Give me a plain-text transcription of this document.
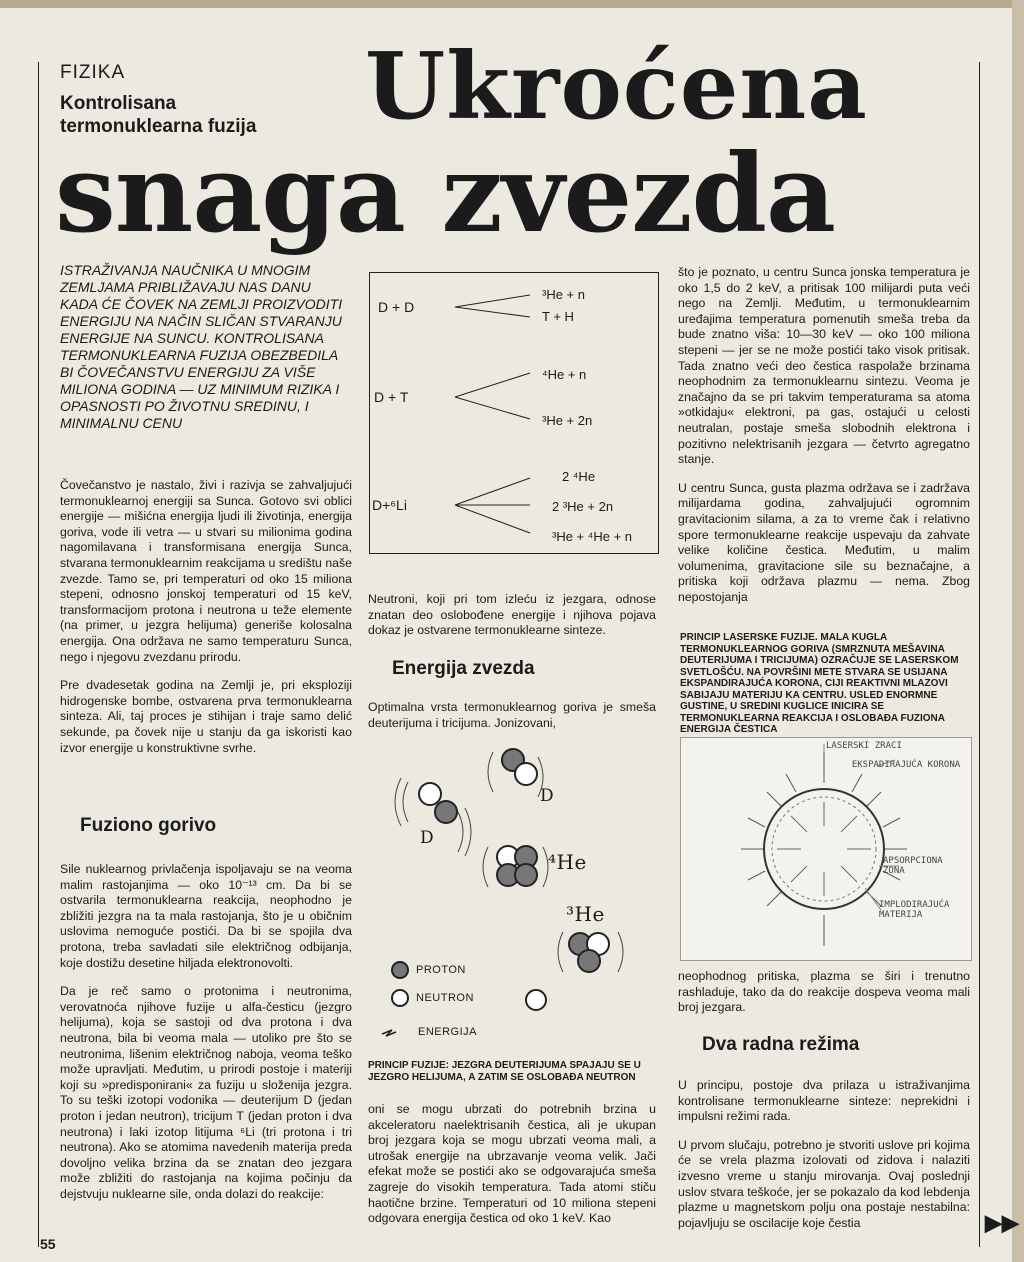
FIZIKA
Kontrolisana
termonuklearna fuzija Ukroćena
snaga zvezda
ISTRAŽIVANJA NAUČNIKA U MNOGIM ZEMLJAMA PRIBLIŽAVAJU NAS DANU KADA ĆE ČOVEK NA ZEMLJI PROIZVODITI ENERGIJU NA NAČIN SLIČAN STVARANJU ENERGIJE NA SUNCU. KONTROLISANA TERMONUKLEARNA FUZIJA OBEZBEDILA BI ČOVEČANSTVU ENERGIJU ZA VIŠE MILIONA GODINA — UZ MINIMUM RIZIKA I OPASNOSTI PO ŽIVOTNU SREDINU, I MINIMALNU CENU

Čovečanstvo je nastalo, živi i razivja se zahvaljujući termonuklearnoj energiji sa Sunca. Gotovo svi oblici energije — mišićna energija ljudi ili životinja, energija goriva, vode ili vetra — u stvari su milionima godina nagomilavana i transformisana energija Sunca, stvarana termonuklearnim reakcijama u središtu naše zvezde. Tamo se, pri temperaturi od oko 15 miliona stepeni, odnosno jonskoj temperaturi od 15 keV, transformacijom protona i neutrona u teže elemente (na primer, u jezgra helijuma) generiše kolosalna energija. Ona održava ne samo temperaturu Sunca, nego i njegovu zvezdanu prirodu.

Pre dvadesetak godina na Zemlji je, pri eksploziji hidrogenske bombe, ostvarena prva termonuklearna sinteza. Ali, taj proces je stihijan i traje samo delić sekunde, pa čovek nije u stanju da ga iskoristi kao izvor energije u konstruktivne svrhe.

Fuziono gorivo

Sile nuklearnog privlačenja ispoljavaju se na veoma malim rastojanjima — oko 10⁻¹³ cm. Da bi se ostvarila termonuklearna reakcija, neophodno je zbližiti jezgra na ta mala rastojanja, što je u običnim uslovima nemoguće postići. Da bi se spojila dva protona, treba savladati sile električnog odbijanja, koje dostižu desetine hiljada elektronovolti.

Da je reč samo o protonima i neutronima, verovatnoća njihove fuzije u alfa-česticu (jezgro helijuma), koja se sastoji od dva protona i dva neutrona, bila bi veoma mala — utoliko pre što se neutronima, lišenim električnog naboja, veoma teško može upravljati. Međutim, u prirodi postoje i materiji koji su »predisponirani« za fuziju u složenija jezgra. To su teški izotopi vodonika — deuterijum D (jedan proton i jedan neutron), tricijum T (jedan proton i dva neutrona) i laki izotop litijuma ⁶Li (tri protona i tri neutrona). Ako se atomima navedenih materija preda dovoljno velika brzina da se znatan deo jezgara može zbližiti do rastojanja na kojima počinju da dejstvuju nuklearne sile, onda dolazi do reakcije:

D + D
³He + n
T + H
D + T
⁴He + n
³He + 2n
D+⁶Li
2 ⁴He
2 ³He + 2n
³He + ⁴He + n

Neutroni, koji pri tom izleću iz jezgara, odnose znatan deo oslobođene energije i njihova pojava dokaz je ostvarene termonuklearne sinteze.

Energija zvezda

Optimalna vrsta termonuklearnog goriva je smeša deuterijuma i tricijuma. Jonizovani,

D
D
⁴He
³He
PROTON
NEUTRON
ENERGIJA
PRINCIP FUZIJE: JEZGRA DEUTERIJUMA SPAJAJU SE U JEZGRO HELIJUMA, A ZATIM SE OSLOBAĐA NEUTRON

oni se mogu ubrzati do potrebnih brzina u akceleratoru naelektrisanih čestica, ali je ukupan broj jezgara koja se mogu ubrzati veoma mali, a utrošak energije na ubrzavanje veoma velik. Jači efekat može se postići ako se odgovarajuća smeša zagreje do visokih temperatura. Tada atomi stiču haotične brzine. Temperaturi od 10 miliona stepeni odgovara energija čestica od oko 1 keV. Kao

što je poznato, u centru Sunca jonska temperatura je oko 1,5 do 2 keV, a pritisak 100 milijardi puta veći nego na Zemlji. Međutim, u termonuklearnim uređajima temperatura pomenutih smeša treba da bude znatno viša: 10—30 keV — oko 100 miliona stepeni — jer se ne može postići tako visok pritisak. Tada znatno veći deo čestica raspolaže brzinama neophodnim za termonuklearnu sintezu. Veoma je značajno da se pri takvim temperaturama sa atoma »otkidaju« elektroni, pa gas, ostajući u celosti neutralan, postaje smeša slobodnih elektrona i pozitivno nelektrisanih jezgara — četvrto agregatno stanje.

U centru Sunca, gusta plazma održava se i zadržava milijardama godina, zahvaljujući ogromnim gravitacionim silama, a za to vreme čak i relativno spore termonuklearne reakcije uspevaju da zahvate velike količine čestica. Međutim, u malim volumenima, gravitacione sile su beznačajne, a pritiska koji održava plazmu — nema. Zbog nepostojanja

PRINCIP LASERSKE FUZIJE. MALA KUGLA TERMONUKLEARNOG GORIVA (SMRZNUTA MEŠAVINA DEUTERIJUMA I TRICIJUMA) OZRAČUJE SE LASERSKOM SVETLOŠĆU. NA POVRŠINI METE STVARA SE USIJANA EKSPANDIRAJUĆA KORONA, CIJI REAKTIVNI MLAZOVI SABIJAJU MATERIJU KA CENTRU. USLED ENORMNE GUSTINE, U SREDINI KUGLICE INICIRA SE TERMONUKLEARNA REAKCIJA I OSLOBAĐA FUZIONA ENERGIJA ČESTICA
LASERSKI ZRACI
EKSPADIRAJUĆA KORONA
APSORPCIONA ZONA
IMPLODIRAJUĆA MATERIJA

neophodnog pritiska, plazma se širi i trenutno rashladuje, tako da do reakcije dospeva veoma mali broj jezgara.

Dva radna režima

U principu, postoje dva prilaza u istraživanjima kontrolisane termonuklearne sinteze: neprekidni i impulsni režimi rada.

U prvom slučaju, potrebno je stvoriti uslove pri kojima će se vrela plazma izolovati od zidova i nalaziti izvesno vreme u stanju mirovanja. Ovaj poslednji uslov stvara teškoće, jer se pokazalo da kod lebdenja plazme u magnetskom polju ona postaje nestabilna: pojavljuju se oscilacije koje čestia

55
▶▶
